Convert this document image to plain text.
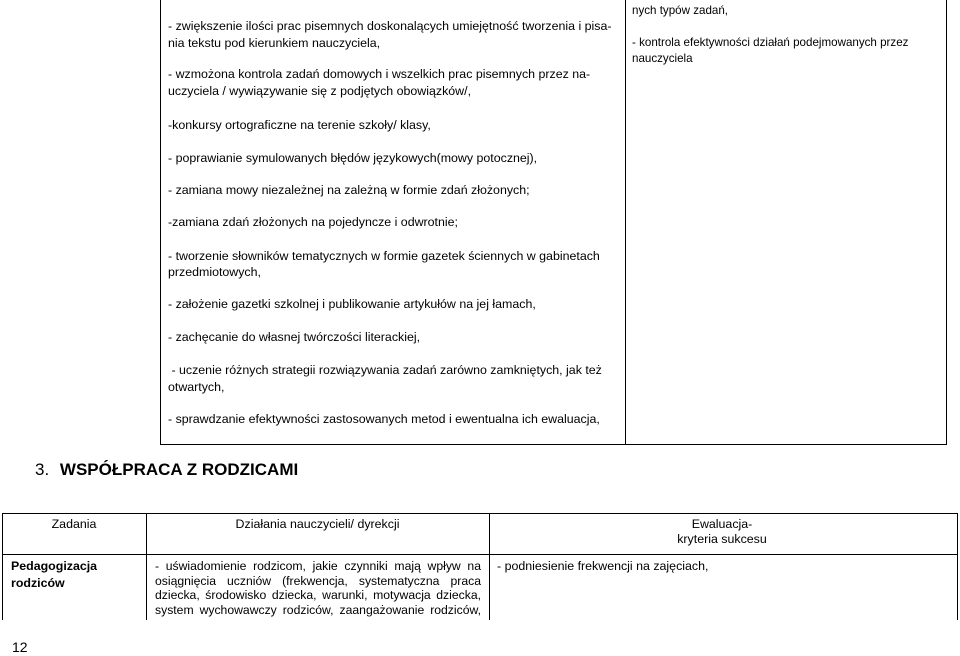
- zwiększenie ilości prac pisemnych doskonalących umiejętność tworzenia i pisa-
nia tekstu pod kierunkiem nauczyciela,
- wzmożona kontrola zadań domowych i wszelkich prac pisemnych przez na-
uczyciela / wywiązywanie się z podjętych obowiązków/,
-konkursy ortograficzne na terenie szkoły/ klasy,
- poprawianie symulowanych błędów językowych(mowy potocznej),
- zamiana mowy niezależnej na zależną w formie zdań złożonych;
-zamiana zdań złożonych na pojedyncze i odwrotnie;
- tworzenie słowników tematycznych w formie gazetek ściennych w gabinetach
przedmiotowych,
- założenie gazetki szkolnej i publikowanie artykułów na jej łamach,
- zachęcanie do własnej twórczości literackiej,
- uczenie różnych strategii rozwiązywania zadań zarówno zamkniętych, jak też
otwartych,
- sprawdzanie efektywności zastosowanych metod i ewentualna ich ewaluacja,
nych typów zadań,
- kontrola efektywności działań podejmowanych przez
nauczyciela
3. WSPÓŁPRACA Z RODZICAMI
Zadania	Działania nauczycieli/ dyrekcji	Ewaluacja-
kryteria sukcesu
Pedagogizacja
rodziców
- uświadomienie rodzicom, jakie czynniki mają wpływ na
osiągnięcia uczniów (frekwencja, systematyczna praca
dziecka, środowisko dziecka, warunki, motywacja dziecka,
system wychowawczy rodziców, zaangażowanie rodziców,
- podniesienie frekwencji na zajęciach,
12
